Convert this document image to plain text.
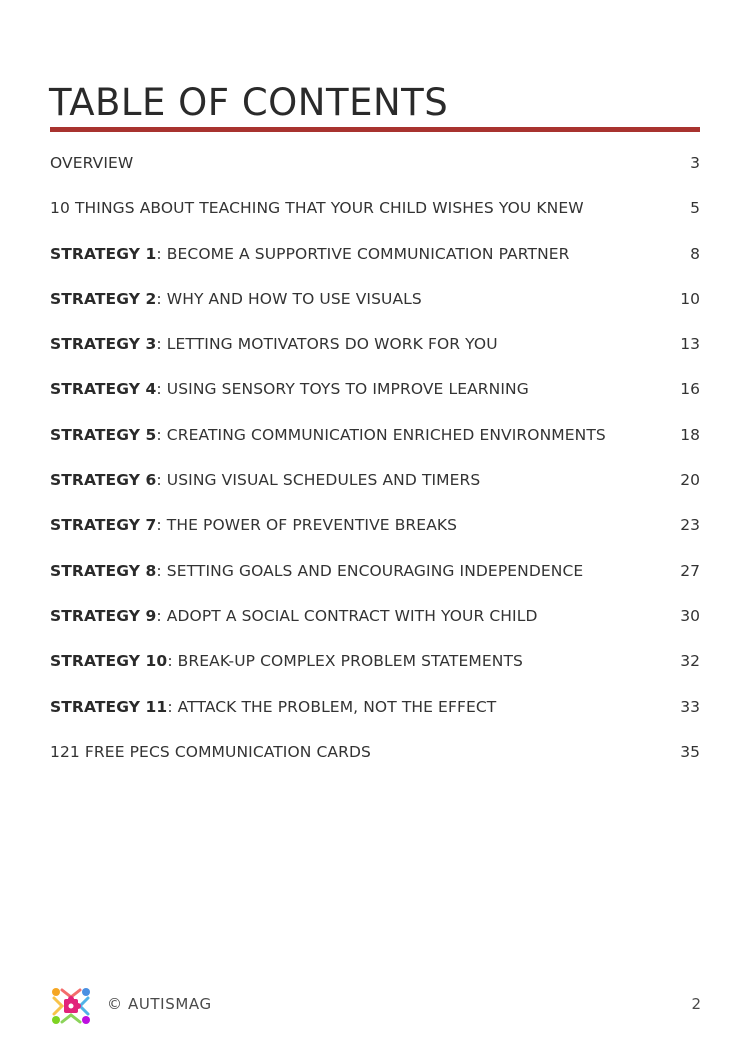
TABLE OF CONTENTS
OVERVIEW	3
10 THINGS ABOUT TEACHING THAT YOUR CHILD WISHES YOU KNEW	5
STRATEGY 1: BECOME A SUPPORTIVE COMMUNICATION PARTNER	8
STRATEGY 2: WHY AND HOW TO USE VISUALS	10
STRATEGY 3: LETTING MOTIVATORS DO WORK FOR YOU	13
STRATEGY 4: USING SENSORY TOYS TO IMPROVE LEARNING	16
STRATEGY 5: CREATING COMMUNICATION ENRICHED ENVIRONMENTS	18
STRATEGY 6: USING VISUAL SCHEDULES AND TIMERS	20
STRATEGY 7: THE POWER OF PREVENTIVE BREAKS	23
STRATEGY 8: SETTING GOALS AND ENCOURAGING INDEPENDENCE	27
STRATEGY 9: ADOPT A SOCIAL CONTRACT WITH YOUR CHILD	30
STRATEGY 10: BREAK-UP COMPLEX PROBLEM STATEMENTS	32
STRATEGY 11: ATTACK THE PROBLEM, NOT THE EFFECT	33
121 FREE PECS COMMUNICATION CARDS	35
© AUTISMAG	2
